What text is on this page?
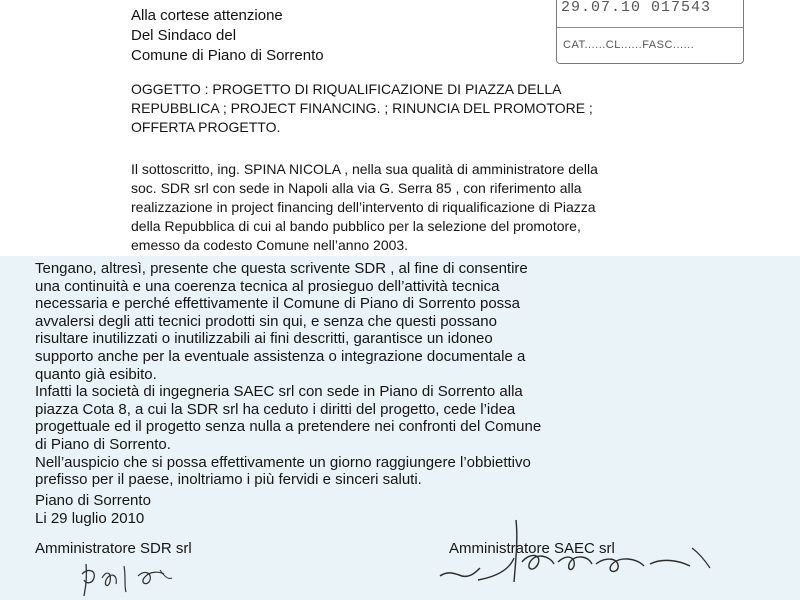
Alla cortese attenzione
Del Sindaco del
Comune di Piano di Sorrento
29.07.10 017543
CAT......CL......FASC......
OGGETTO : PROGETTO DI RIQUALIFICAZIONE DI PIAZZA DELLA
REPUBBLICA ; PROJECT FINANCING. ; RINUNCIA DEL PROMOTORE ;
OFFERTA PROGETTO.
Il sottoscritto, ing. SPINA NICOLA , nella sua qualità di amministratore della
soc. SDR srl con sede in Napoli alla via G. Serra 85 , con riferimento alla
realizzazione in project financing dell’intervento di riqualificazione di Piazza
della Repubblica di cui al bando pubblico per la selezione del promotore,
emesso da codesto Comune nell’anno 2003.
Tengano, altresì, presente che questa scrivente SDR , al fine di consentire
una continuità e una coerenza tecnica al prosieguo dell’attività tecnica
necessaria e perché effettivamente il Comune di Piano di Sorrento possa
avvalersi degli atti tecnici prodotti sin qui, e senza che questi possano
risultare inutilizzati o inutilizzabili ai fini descritti, garantisce un idoneo
supporto anche per la eventuale assistenza o integrazione documentale a
quanto già esibito.
Infatti la società di ingegneria SAEC srl con sede in Piano di Sorrento alla
piazza Cota 8, a cui la SDR srl ha ceduto i diritti del progetto, cede l’idea
progettuale ed il progetto senza nulla a pretendere nei confronti del Comune
di Piano di Sorrento.
Nell’auspicio che si possa effettivamente un giorno raggiungere l’obbiettivo
prefisso per il paese, inoltriamo i più fervidi e sinceri saluti.
Piano di Sorrento
Li 29 luglio 2010
Amministratore SDR srl	Amministratore SAEC srl
